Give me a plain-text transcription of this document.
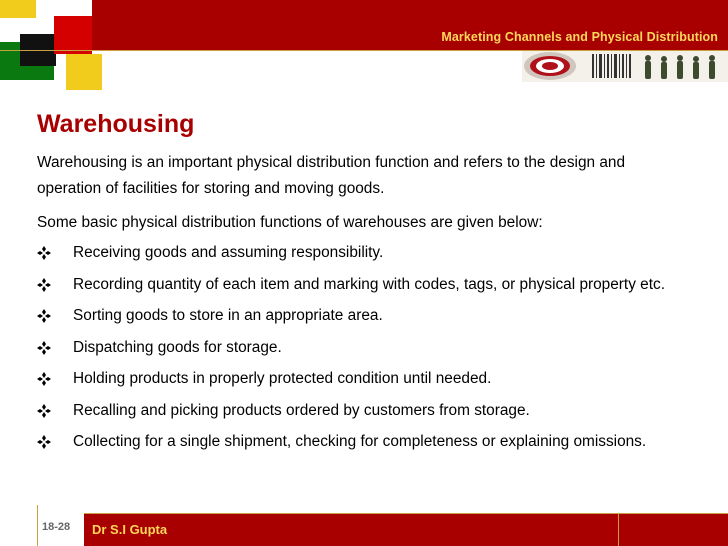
Marketing Channels and Physical Distribution
Warehousing

Warehousing is an important physical distribution function and refers to the design and operation of facilities for storing and moving goods.

Some basic physical distribution functions of warehouses are given below:

Receiving goods and assuming responsibility.
Recording quantity of each item and marking with codes, tags, or physical property etc.
Sorting goods to store in an appropriate area.
Dispatching goods for storage.
Holding products in properly protected condition until needed.
Recalling and picking products ordered by customers from storage.
Collecting for a single shipment, checking for completeness or explaining omissions.
18-28 Dr S.I Gupta
